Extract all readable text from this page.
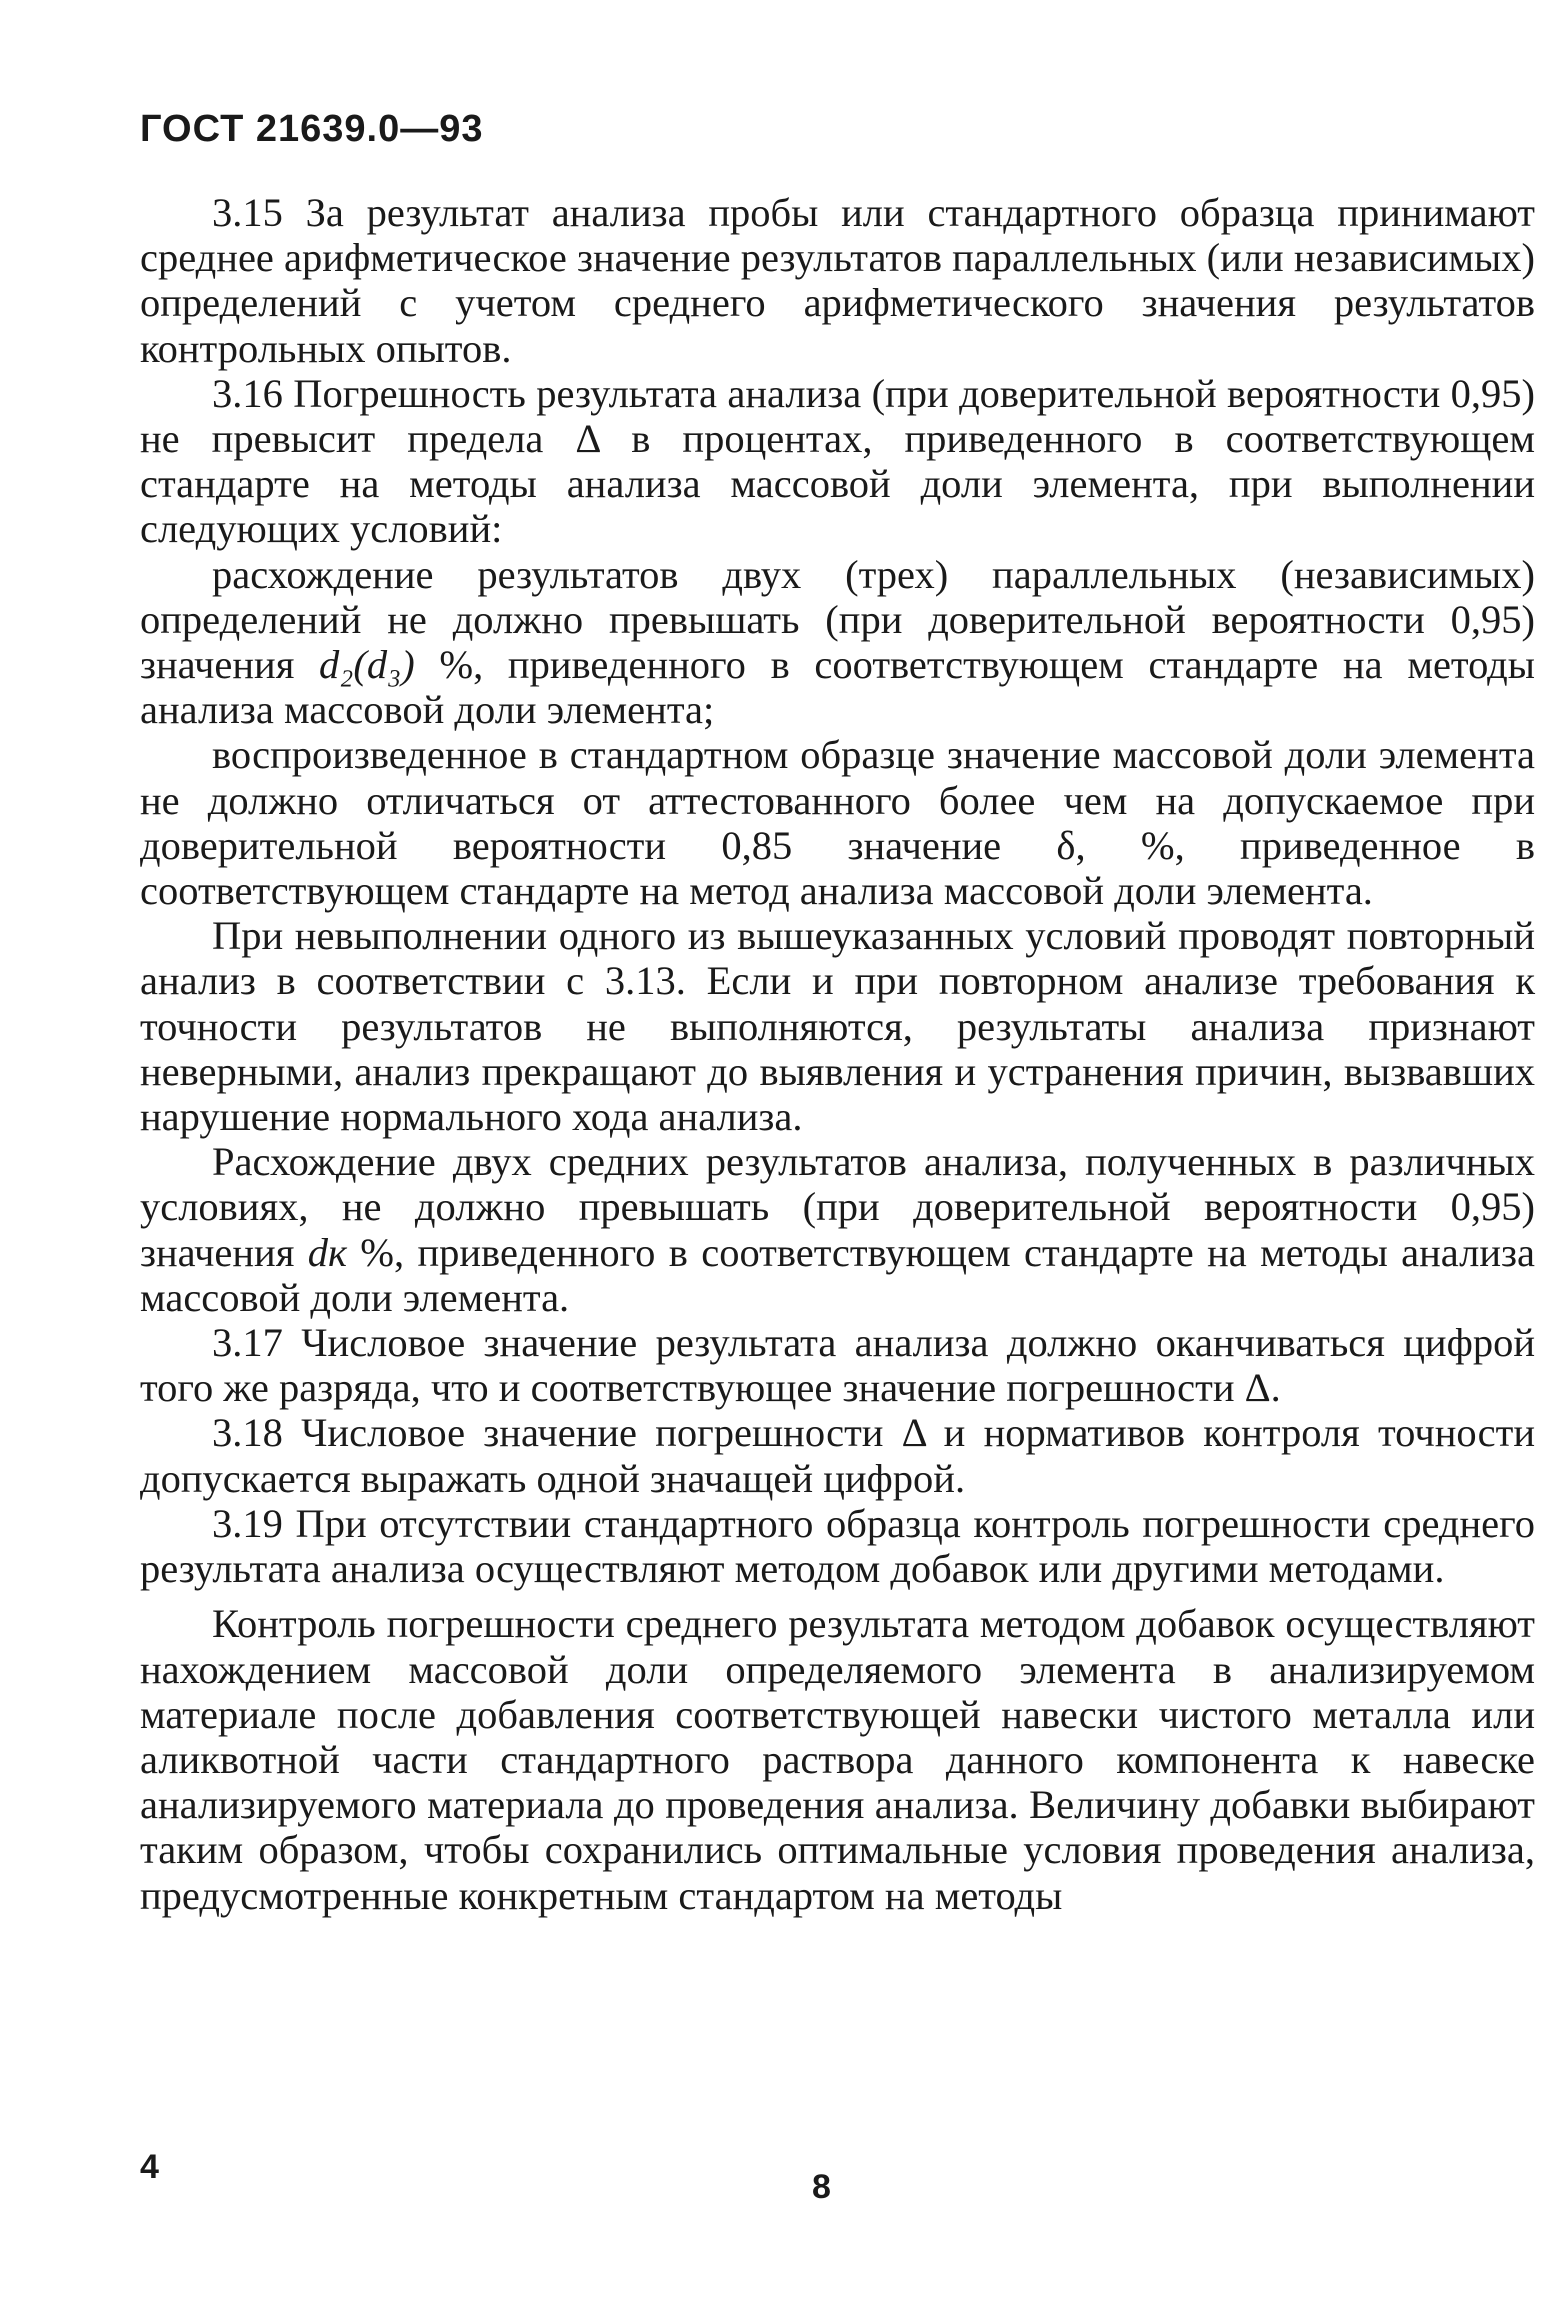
ГОСТ 21639.0—93

3.15 За результат анализа пробы или стандартного образца принимают среднее арифметическое значение результатов параллельных (или независимых) определений с учетом среднего арифметического значения результатов контрольных опытов.

3.16 Погрешность результата анализа (при доверительной вероятности 0,95) не превысит предела Δ в процентах, приведенного в соответствующем стандарте на методы анализа массовой доли элемента, при выполнении следующих условий:

расхождение результатов двух (трех) параллельных (независимых) определений не должно превышать (при доверительной вероятности 0,95) значения d₂(d₃) %, приведенного в соответствующем стандарте на методы анализа массовой доли элемента;

воспроизведенное в стандартном образце значение массовой доли элемента не должно отличаться от аттестованного более чем на допускаемое при доверительной вероятности 0,85 значение δ, %, приведенное в соответствующем стандарте на метод анализа массовой доли элемента.

При невыполнении одного из вышеуказанных условий проводят повторный анализ в соответствии с 3.13. Если и при повторном анализе требования к точности результатов не выполняются, результаты анализа признают неверными, анализ прекращают до выявления и устранения причин, вызвавших нарушение нормального хода анализа.

Расхождение двух средних результатов анализа, полученных в различных условиях, не должно превышать (при доверительной вероятности 0,95) значения dк %, приведенного в соответствующем стандарте на методы анализа массовой доли элемента.

3.17 Числовое значение результата анализа должно оканчиваться цифрой того же разряда, что и соответствующее значение погрешности Δ.

3.18 Числовое значение погрешности Δ и нормативов контроля точности допускается выражать одной значащей цифрой.

3.19 При отсутствии стандартного образца контроль погрешности среднего результата анализа осуществляют методом добавок или другими методами.

Контроль погрешности среднего результата методом добавок осуществляют нахождением массовой доли определяемого элемента в анализируемом материале после добавления соответствующей навески чистого металла или аликвотной части стандартного раствора данного компонента к навеске анализируемого материала до проведения анализа. Величину добавки выбирают таким образом, чтобы сохранились оптимальные условия проведения анализа, предусмотренные конкретным стандартом на методы

4
8
